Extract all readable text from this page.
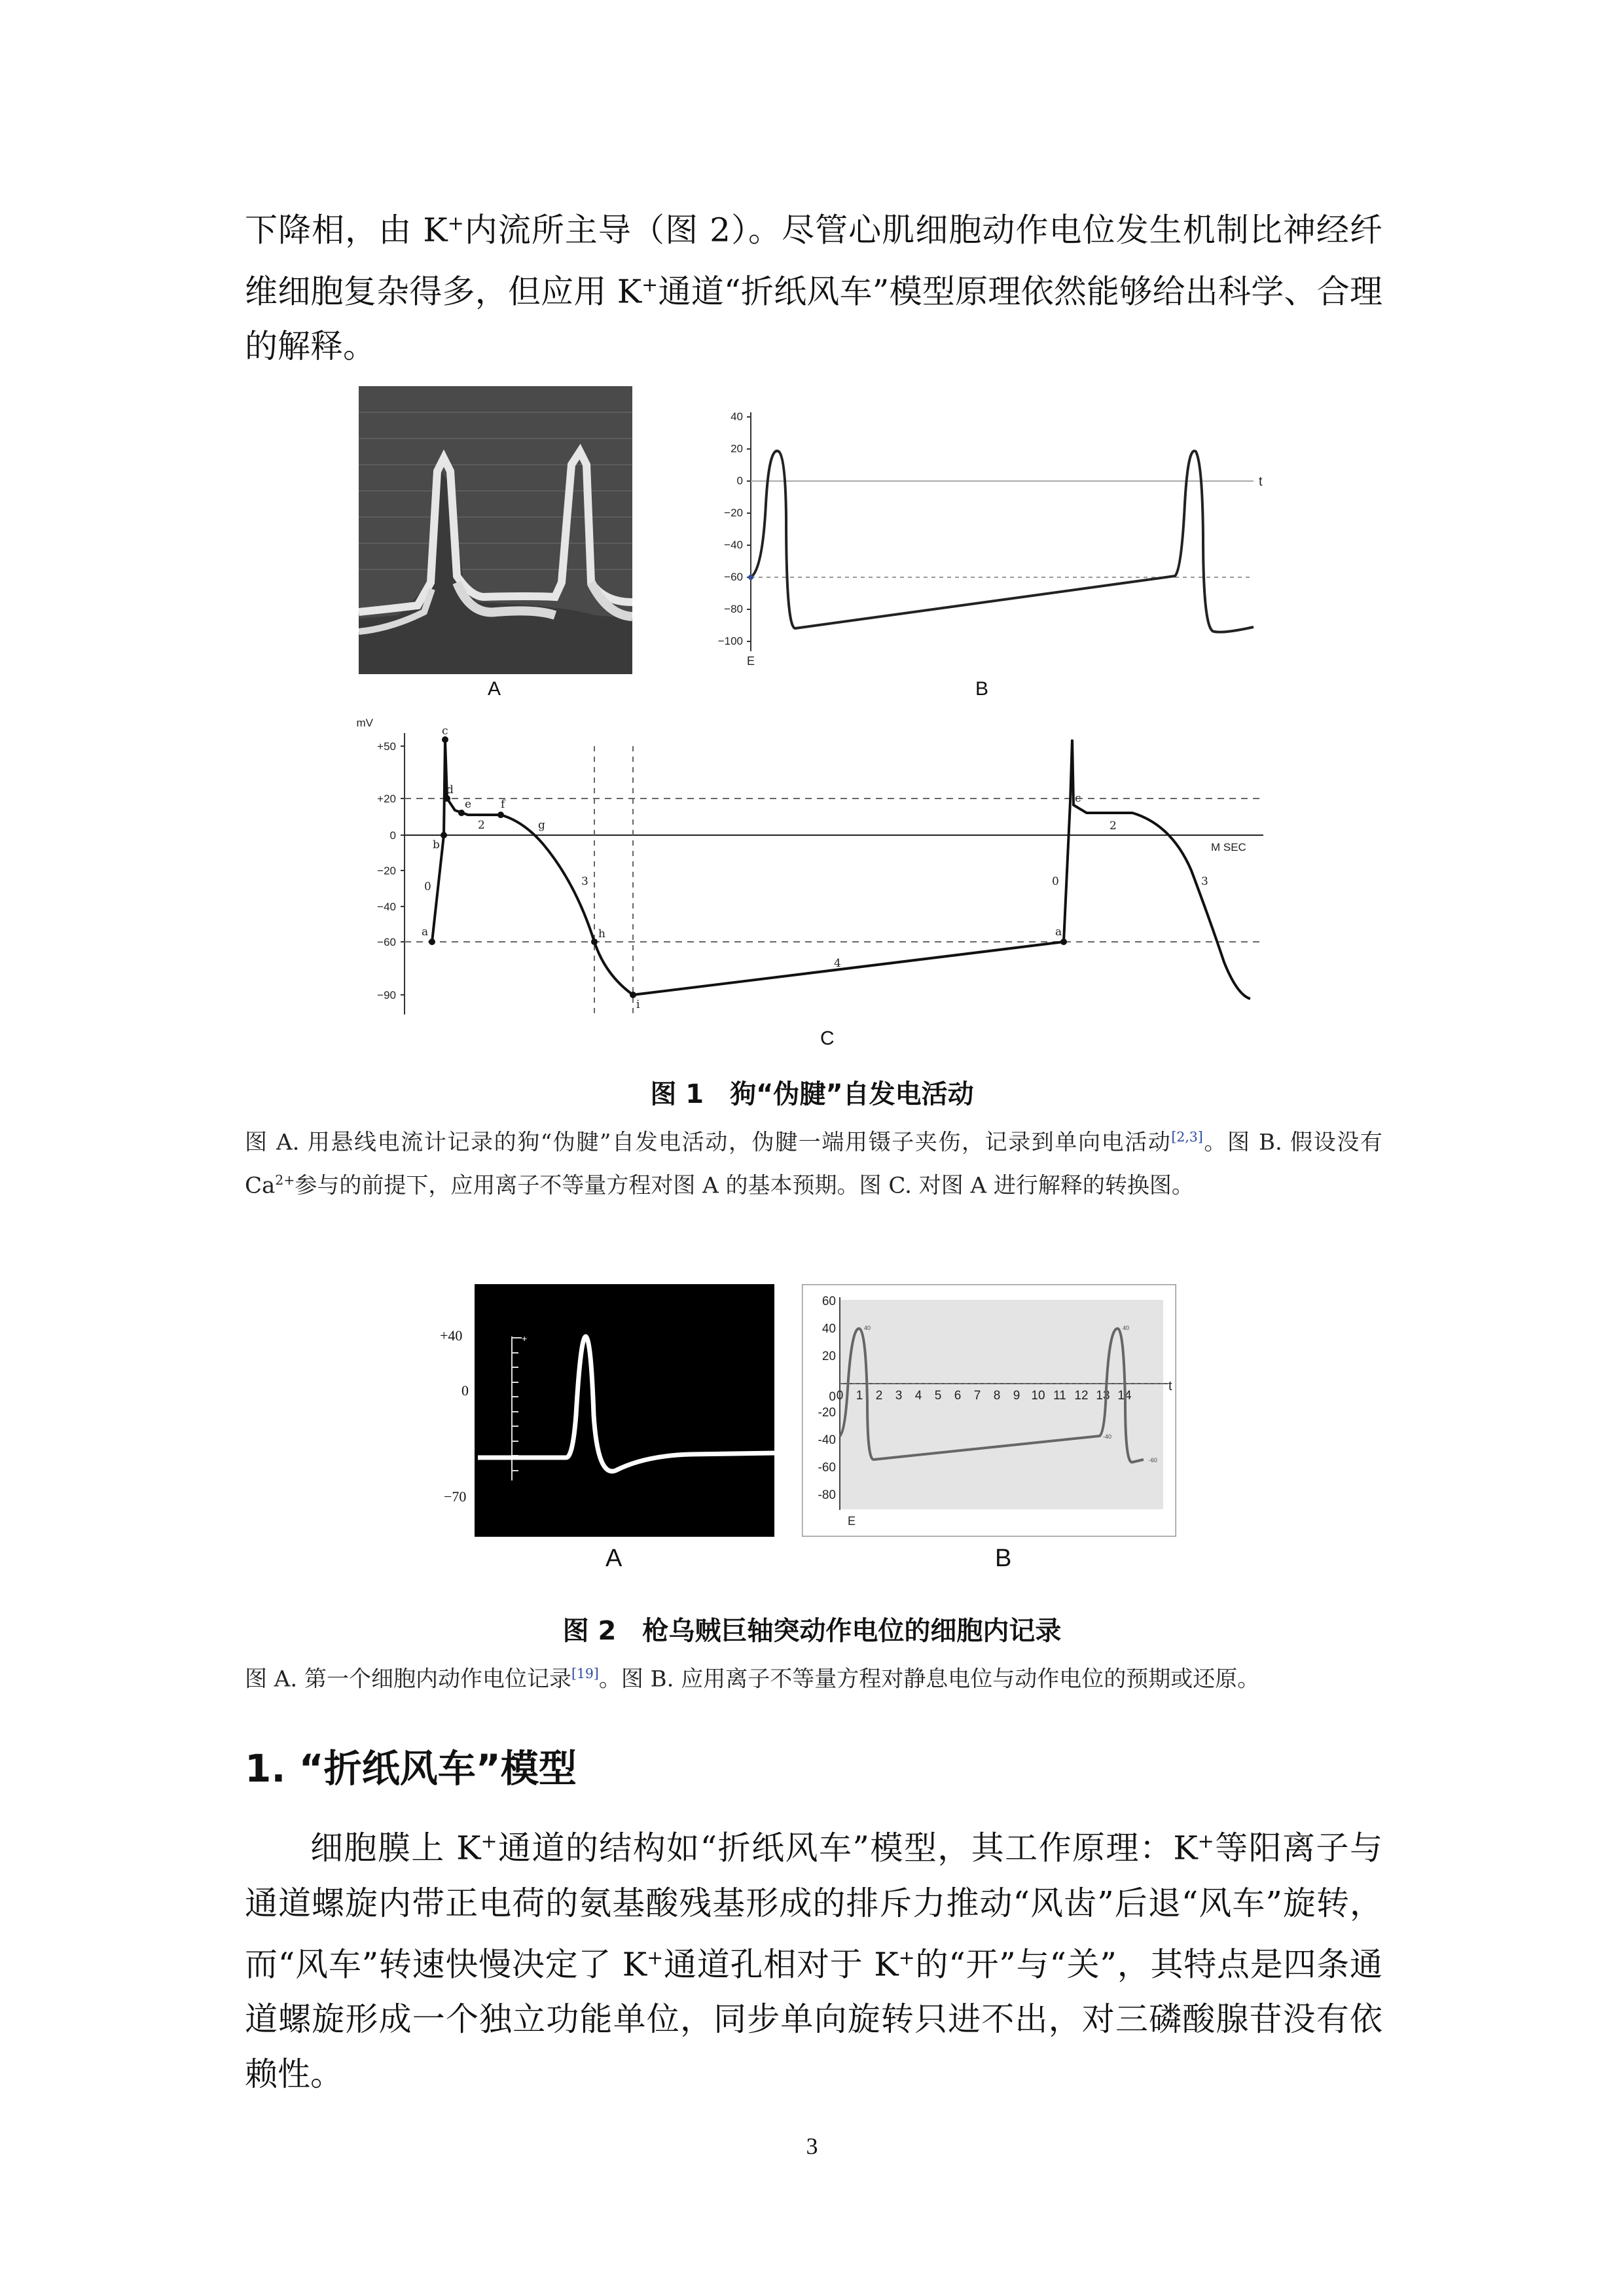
下降相，由 K+内流所主导（图 2）。尽管心肌细胞动作电位发生机制比神经纤维细胞复杂得多，但应用 K+通道“折纸风车”模型原理依然能够给出科学、合理的解释。

A
40
20
0
−20
−40
−60
−80
−100
t
E
B
mV
+50
+20
0
−20
−40
−60
−90
c
d
e	f
b
g
a	h
i
a
c
0
2
3
4
0
2
3
M SEC
C
图 1　狗“伪腱”自发电活动

图 A. 用悬线电流计记录的狗“伪腱”自发电活动，伪腱一端用镊子夹伤，记录到单向电活动[2,3]。图 B. 假设没有 $Ca^{2+}$参与的前提下，应用离子不等量方程对图 A 的基本预期。图 C. 对图 A 进行解释的转换图。

+
+40
0
−70
A
60
40
20
0
-20
-40
-60
-80
0 1 2 3 4 5 6 7 8 9 10 11 12 13 14
t
E
40	40
-40
-60
B
图 2　枪乌贼巨轴突动作电位的细胞内记录

图 A. 第一个细胞内动作电位记录[19]。图 B. 应用离子不等量方程对静息电位与动作电位的预期或还原。

1. “折纸风车”模型

细胞膜上 K+通道的结构如“折纸风车”模型，其工作原理：K+等阳离子与通道螺旋内带正电荷的氨基酸残基形成的排斥力推动“风齿”后退“风车”旋转，而“风车”转速快慢决定了 K+通道孔相对于 K+的“开”与“关”，其特点是四条通道螺旋形成一个独立功能单位，同步单向旋转只进不出，对三磷酸腺苷没有依赖性。

3
